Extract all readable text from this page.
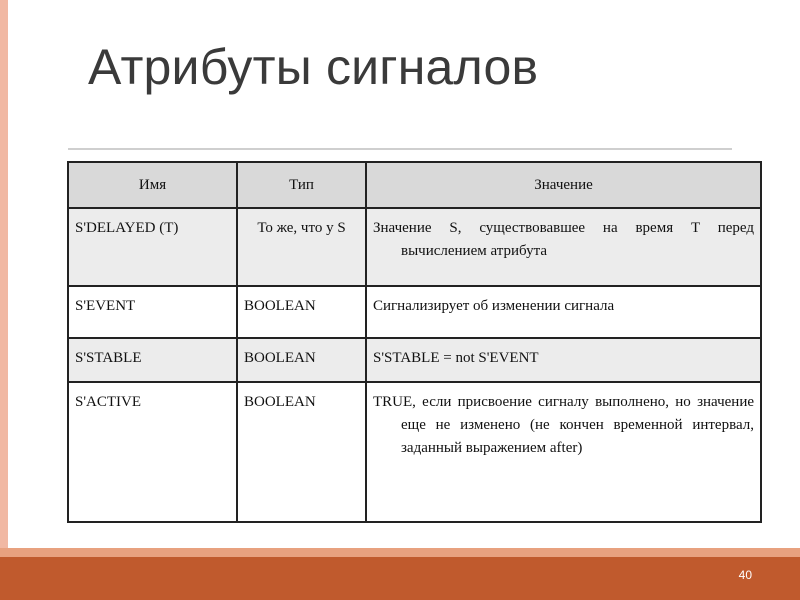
Атрибуты сигналов
Имя	Тип	Значение
S'DELAYED (T)	То же, что у S	Значение S, существовавшее на время T перед вычислением атрибута

S'EVENT	BOOLEAN	Сигнализирует об изменении сигнала
S'STABLE	BOOLEAN	S'STABLE = not S'EVENT
S'ACTIVE	BOOLEAN	TRUE, если присвоение сигналу выполнено, но значение еще не изменено (не кончен временной интервал, заданный выражением after)
40
